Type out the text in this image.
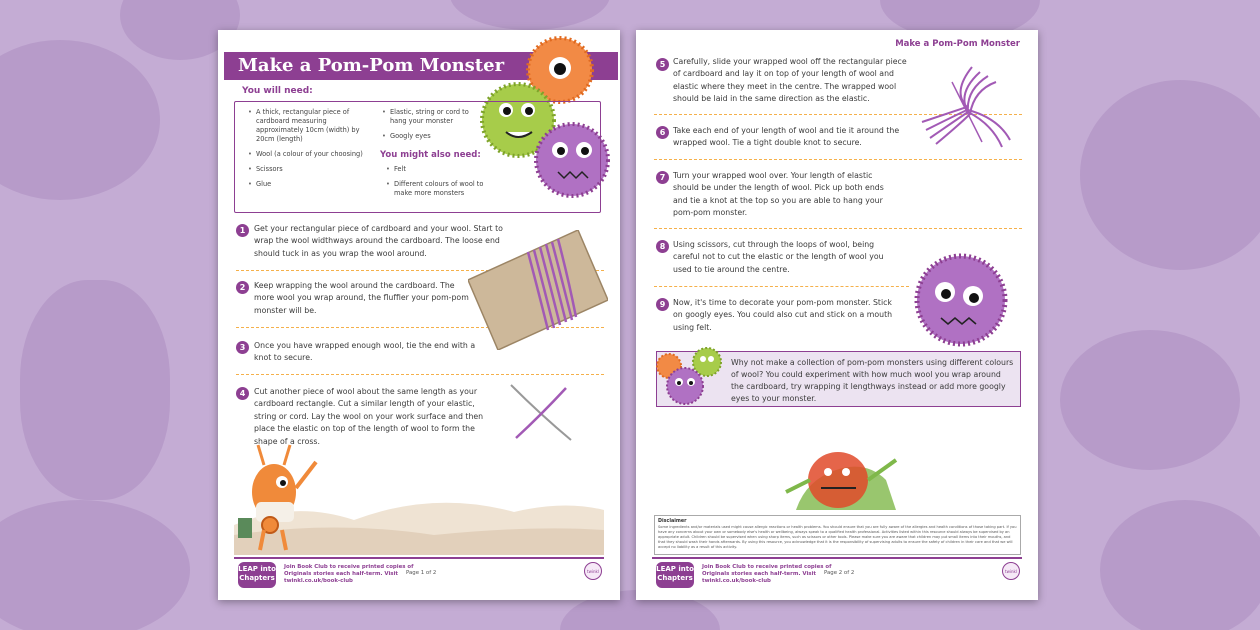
Make a Pom-Pom Monster
You will need:
• A thick, rectangular piece of cardboard measuring approximately 10cm (width) by 20cm (length)
• Wool (a colour of your choosing)
• Scissors
• Glue
• Elastic, string or cord to hang your monster
• Googly eyes
You might also need:
• Felt
• Different colours of wool to make more monsters
1	Get your rectangular piece of cardboard and your wool. Start to wrap the wool widthways around the cardboard. The loose end should tuck in as you wrap the wool around.
2	Keep wrapping the wool around the cardboard. The more wool you wrap around, the fluffier your pom-pom monster will be.
3	Once you have wrapped enough wool, tie the end with a knot to secure.
4	Cut another piece of wool about the same length as your cardboard rectangle. Cut a similar length of your elastic, string or cord. Lay the wool on your work surface and then place the elastic on top of the length of wool to form the shape of a cross.
LEAP into Chapters
Join Book Club to receive printed copies of Originals stories each half-term. Visit twinkl.co.uk/book-club
Page 1 of 2	twinkl
Make a Pom-Pom Monster
5 Carefully, slide your wrapped wool off the rectangular piece of cardboard and lay it on top of your length of wool and elastic where they meet in the centre. The wrapped wool should be laid in the same direction as the elastic.
6 Take each end of your length of wool and tie it around the wrapped wool. Tie a tight double knot to secure.
7 Turn your wrapped wool over. Your length of elastic should be under the length of wool. Pick up both ends and tie a knot at the top so you are able to hang your pom-pom monster.
8 Using scissors, cut through the loops of wool, being careful not to cut the elastic or the length of wool you used to tie around the centre.
9 Now, it's time to decorate your pom-pom monster. Stick on googly eyes. You could also cut and stick on a mouth using felt.
Why not make a collection of pom-pom monsters using different colours of wool? You could experiment with how much wool you wrap around the cardboard, try wrapping it lengthways instead or add more googly eyes to your monster.
Disclaimer
Some ingredients and/or materials used might cause allergic reactions or health problems. You should ensure that you are fully aware of the allergies and health conditions of those taking part. If you have any concerns about your own or somebody else's health or wellbeing, always speak to a qualified health professional. Activities listed within this resource should always be supervised by an appropriate adult. Children should be supervised when using sharp items, such as scissors or other tools. Please make sure you are aware that children may put small items into their mouths, and that they should wash their hands afterwards. By using this resource, you acknowledge that it is the responsibility of supervising adults to ensure the safety of children in their care and that we will accept no liability as a result of this activity.
LEAP into Chapters
Join Book Club to receive printed copies of Originals stories each half-term. Visit twinkl.co.uk/book-club
Page 2 of 2	twinkl
